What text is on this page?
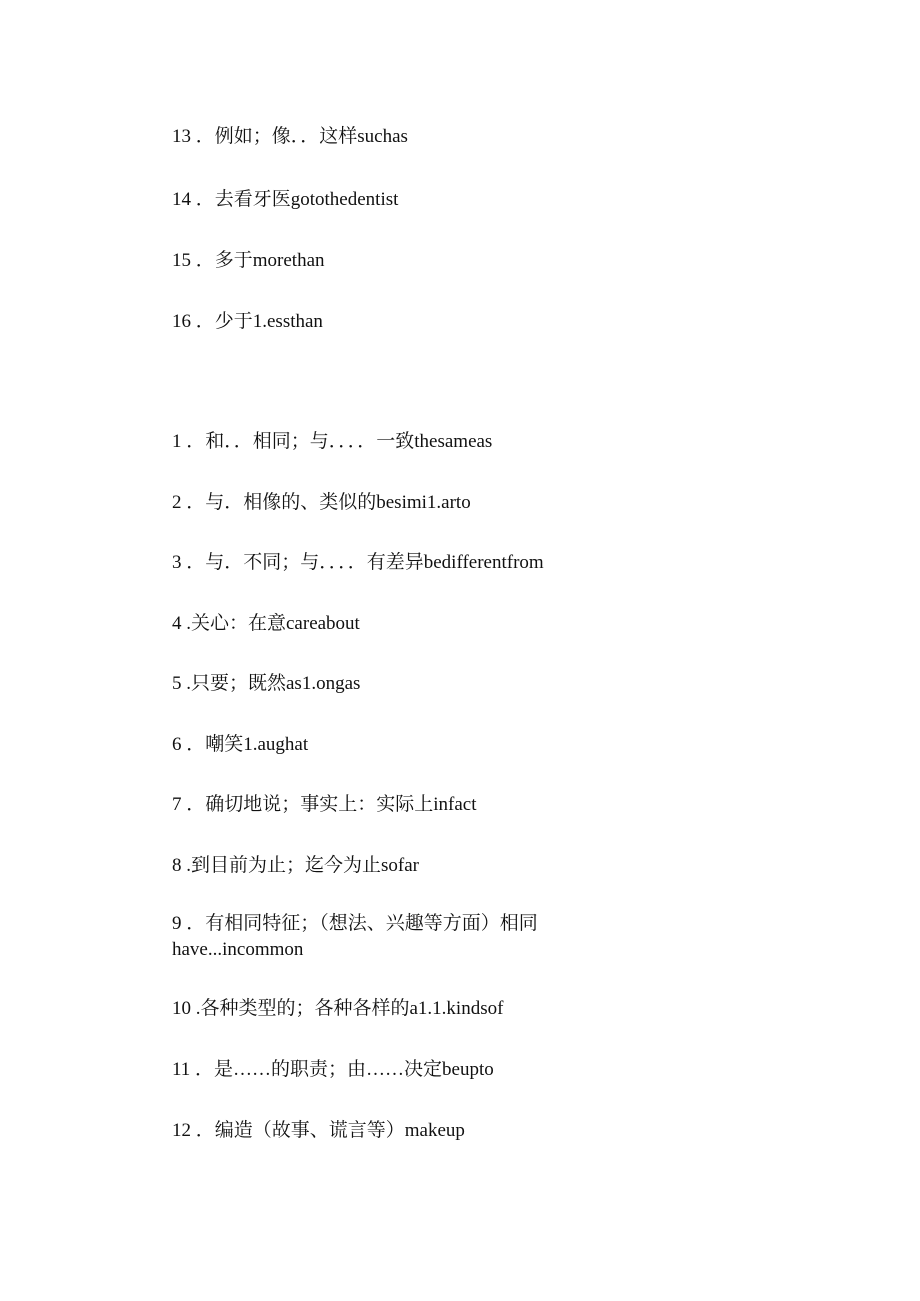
13 ．例如；像．．这样suchas
14 ．去看牙医gotothedentist
15 ．多于morethan
16 ．少于1.essthan
1 ．和．．相同；与．．．．一致thesameas
2 ．与．相像的、类似的besimi1.arto
3 ．与．不同；与．．．．有差异bedifferentfrom
4 .关心：在意careabout
5 .只要；既然as1.ongas
6 ．嘲笑1.aughat
7 ．确切地说；事实上：实际上infact
8 .到目前为止；迄今为止sofar
9 ．有相同特征；（想法、兴趣等方面）相同have...incommon
10 .各种类型的；各种各样的a1.1.kindsof
11 ．是……的职责；由……决定beupto
12 ．编造（故事、谎言等）makeup
